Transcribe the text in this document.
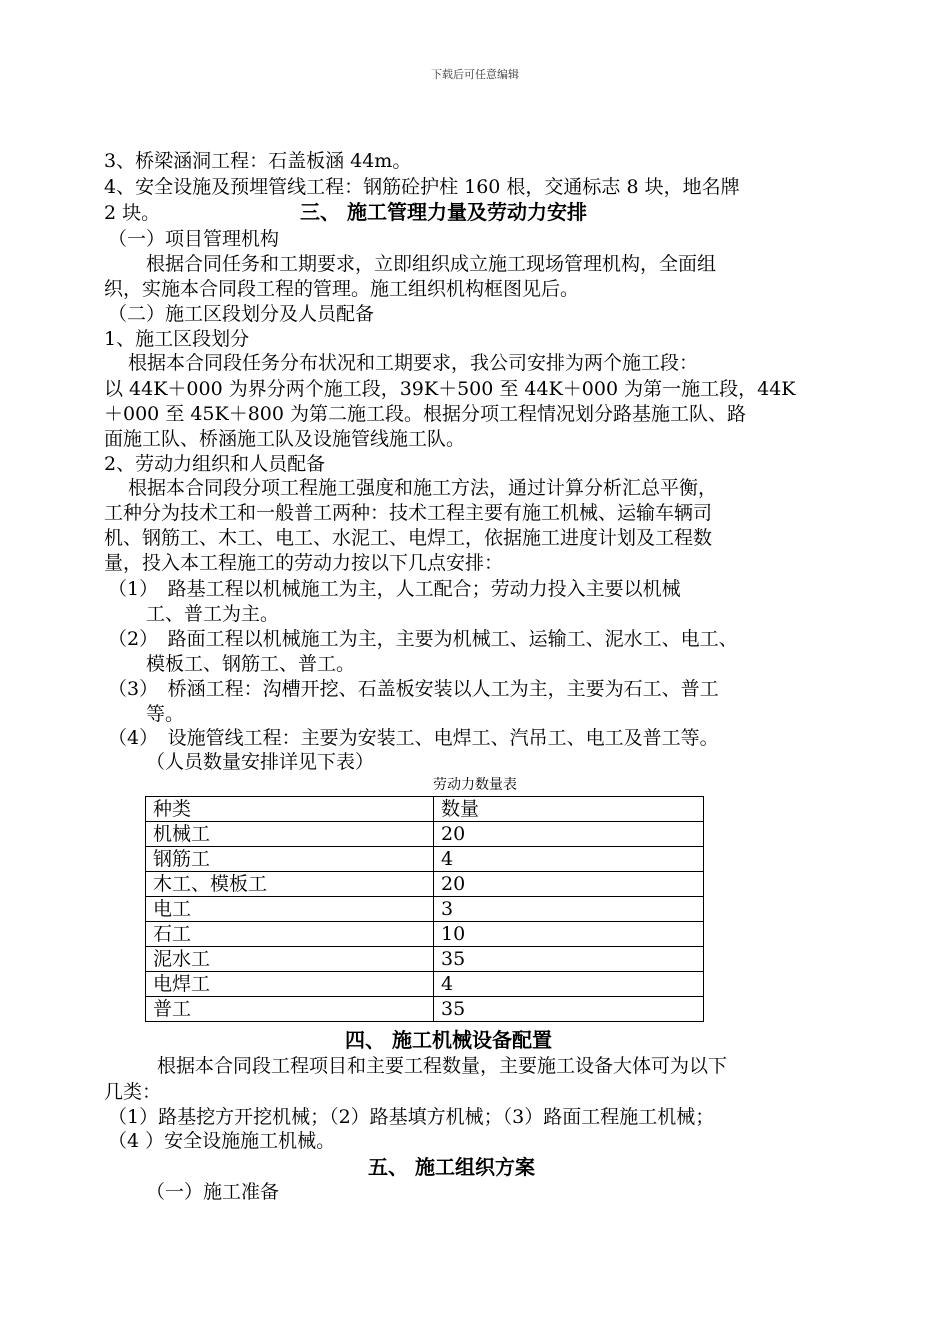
下载后可任意编辑
3、桥梁涵洞工程：石盖板涵 44m。
4、安全设施及预埋管线工程：钢筋砼护柱 160 根，交通标志 8 块，地名牌
2 块。	三、 施工管理力量及劳动力安排
（一）项目管理机构
根据合同任务和工期要求，立即组织成立施工现场管理机构，全面组
织，实施本合同段工程的管理。施工组织机构框图见后。
（二）施工区段划分及人员配备
1、施工区段划分
根据本合同段任务分布状况和工期要求，我公司安排为两个施工段：
以 44K＋000 为界分两个施工段，39K＋500 至 44K＋000 为第一施工段，44K
＋000 至 45K＋800 为第二施工段。根据分项工程情况划分路基施工队、路
面施工队、桥涵施工队及设施管线施工队。
2、劳动力组织和人员配备
根据本合同段分项工程施工强度和施工方法，通过计算分析汇总平衡，
工种分为技术工和一般普工两种：技术工程主要有施工机械、运输车辆司
机、钢筋工、木工、电工、水泥工、电焊工，依据施工进度计划及工程数
量，投入本工程施工的劳动力按以下几点安排：
（1）　路基工程以机械施工为主，人工配合；劳动力投入主要以机械
工、普工为主。
（2）　路面工程以机械施工为主，主要为机械工、运输工、泥水工、电工、
模板工、钢筋工、普工。
（3）　桥涵工程：沟槽开挖、石盖板安装以人工为主，主要为石工、普工
等。
（4）　设施管线工程：主要为安装工、电焊工、汽吊工、电工及普工等。
（人员数量安排详见下表）
劳动力数量表
种类	数量
机械工	20
钢筋工	4
木工、模板工	20
电工	3
石工	10
泥水工	35
电焊工	4
普工	35
四、 施工机械设备配置
根据本合同段工程项目和主要工程数量，主要施工设备大体可为以下
几类：
（1）路基挖方开挖机械；（2）路基填方机械；（3）路面工程施工机械；
（4 ）安全设施施工机械。
五、 施工组织方案
（一）施工准备
